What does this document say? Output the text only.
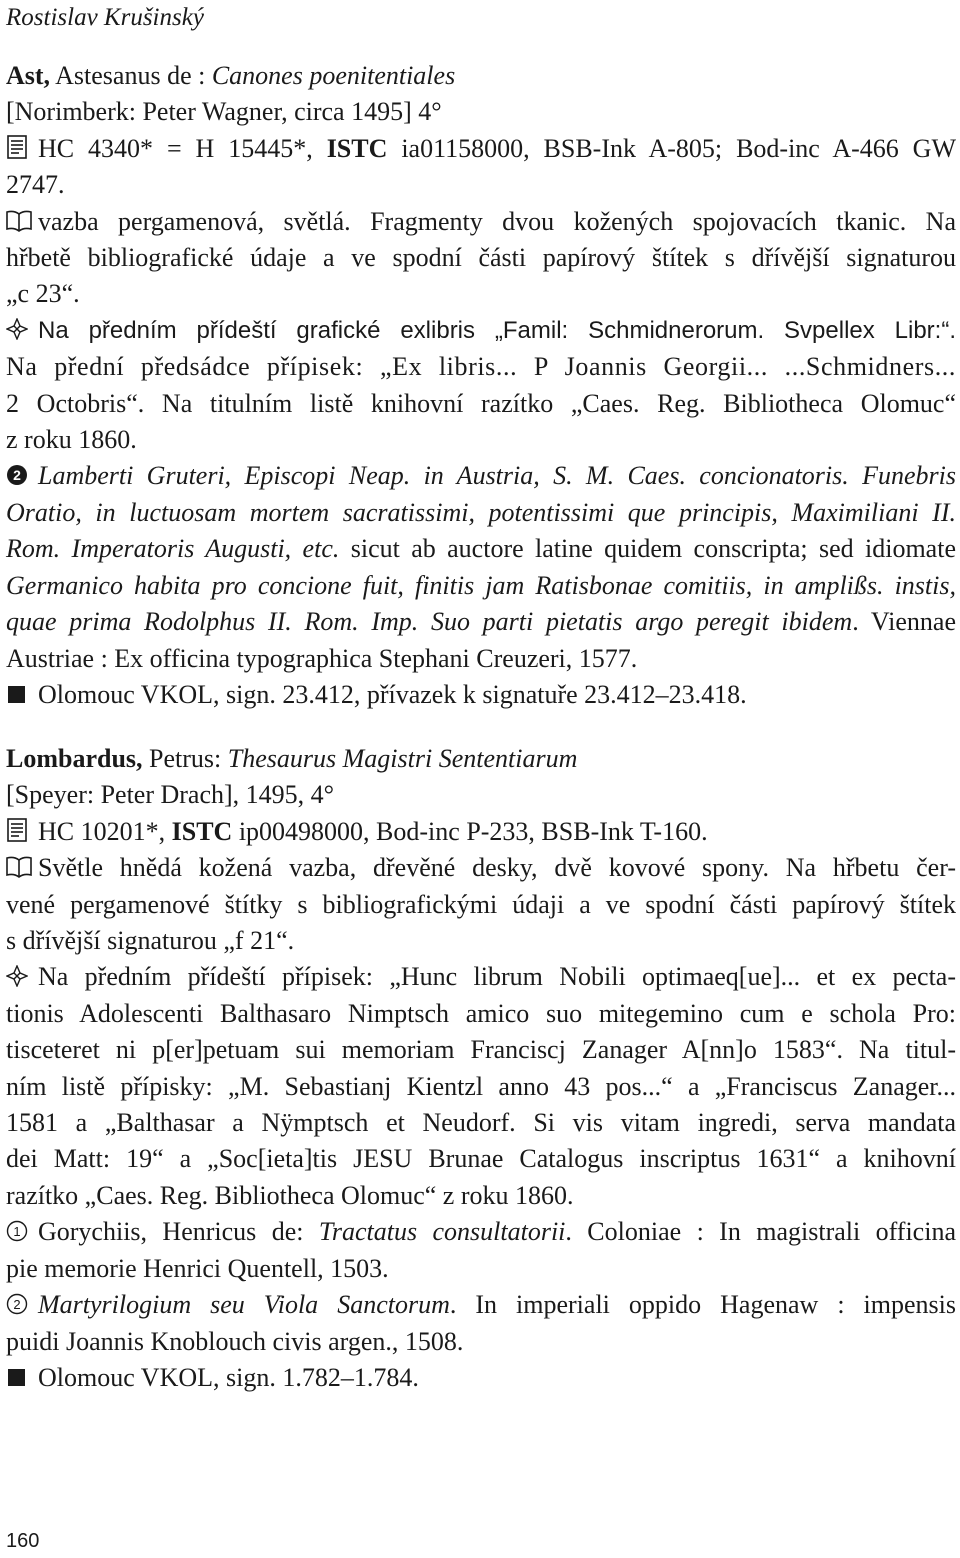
Rostislav Krušinský
Ast, Astesanus de : Canones poenitentiales
[Norimberk: Peter Wagner, circa 1495] 4°
HC 4340* = H 15445*, ISTC ia01158000, BSB-Ink A-805; Bod-inc A-466 GW
2747.
vazba pergamenová, světlá. Fragmenty dvou kožených spojovacích tkanic. Na
hřbetě bibliografické údaje a ve spodní části papírový štítek s dřívější signaturou
„c 23“.
Na předním přídeští grafické exlibris „Famil: Schmidnerorum. Svpellex Libr:“.
Na přední předsádce přípisek: „Ex libris... P Joannis Georgii... ...Schmidners...
2 Octobris“. Na titulním listě knihovní razítko „Caes. Reg. Bibliotheca Olomuc“
z roku 1860.
2 Lamberti Gruteri, Episcopi Neap. in Austria, S. M. Caes. concionatoris. Funebris
Oratio, in luctuosam mortem sacratissimi, potentissimi que principis, Maximiliani II.
Rom. Imperatoris Augusti, etc. sicut ab auctore latine quidem conscripta; sed idiomate
Germanico habita pro concione fuit, finitis jam Ratisbonae comitiis, in amplißs. instis,
quae prima Rodolphus II. Rom. Imp. Suo parti pietatis argo peregit ibidem. Viennae
Austriae : Ex officina typographica Stephani Creuzeri, 1577.
Olomouc VKOL, sign. 23.412, přívazek k signatuře 23.412–23.418.
Lombardus, Petrus: Thesaurus Magistri Sententiarum
[Speyer: Peter Drach], 1495, 4°
HC 10201*, ISTC ip00498000, Bod-inc P-233, BSB-Ink T-160.
Světle hnědá kožená vazba, dřevěné desky, dvě kovové spony. Na hřbetu čer-
vené pergamenové štítky s bibliografickými údaji a ve spodní části papírový štítek
s dřívější signaturou „f 21“.
Na předním přídeští přípisek: „Hunc librum Nobili optimaeq[ue]... et ex pecta-
tionis Adolescenti Balthasaro Nimptsch amico suo mitegemino cum e schola Pro:
tisceteret ni p[er]petuam sui memoriam Franciscj Zanager A[nn]o 1583“. Na titul-
ním listě přípisky: „M. Sebastianj Kientzl anno 43 pos...“ a „Franciscus Zanager...
1581 a „Balthasar a Nÿmptsch et Neudorf. Si vis vitam ingredi, serva mandata
dei Matt: 19“ a „Soc[ieta]tis JESU Brunae Catalogus inscriptus 1631“ a knihovní
razítko „Caes. Reg. Bibliotheca Olomuc“ z roku 1860.
1 Gorychiis, Henricus de: Tractatus consultatorii. Coloniae : In magistrali officina
pie memorie Henrici Quentell, 1503.
2 Martyrilogium seu Viola Sanctorum. In imperiali oppido Hagenaw : impensis
puidi Joannis Knoblouch civis argen., 1508.
Olomouc VKOL, sign. 1.782–1.784.
160
